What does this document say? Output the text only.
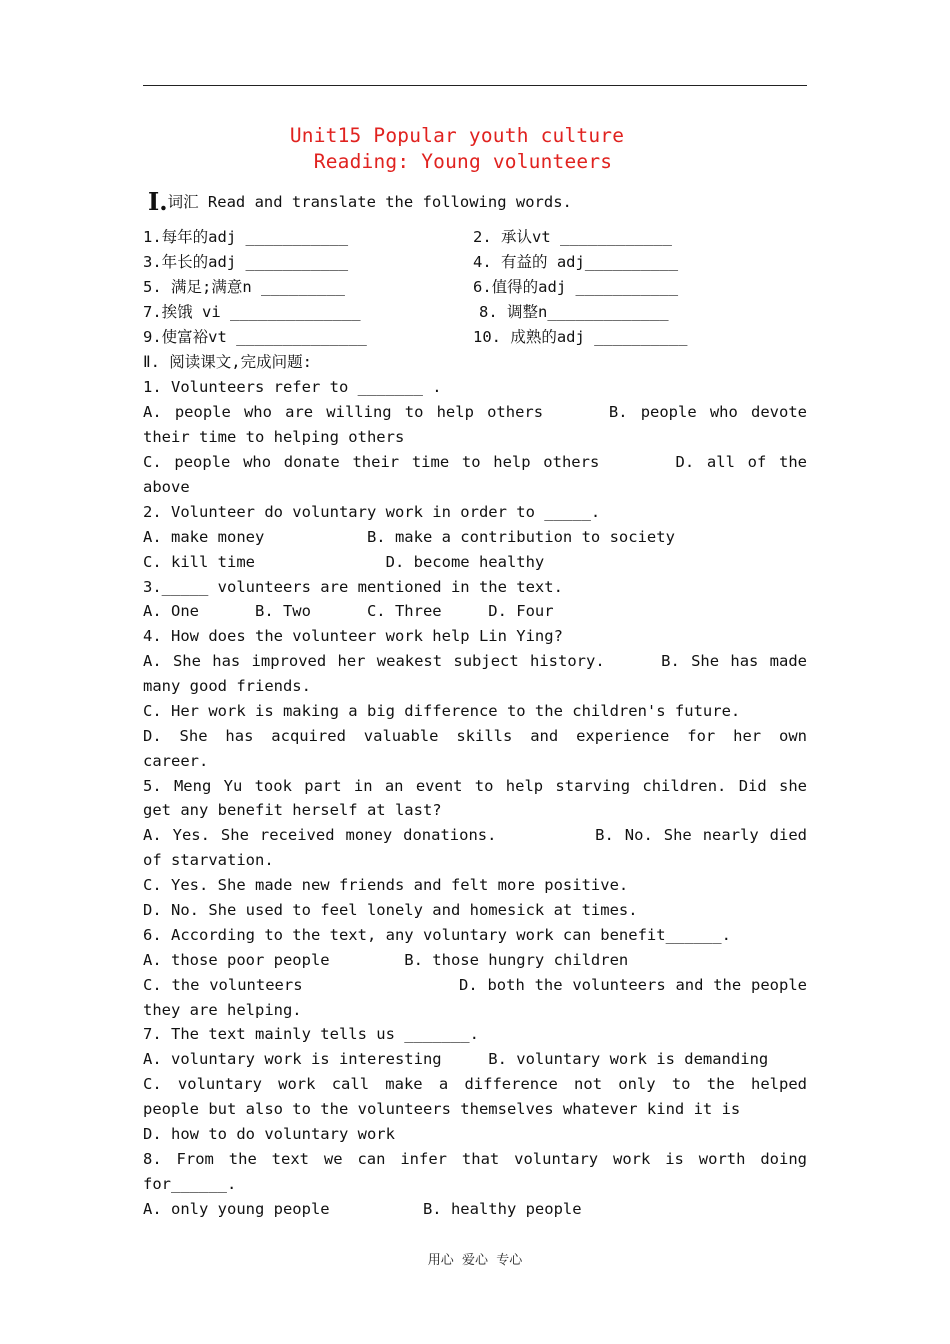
Unit15 Popular youth culture
Reading: Young volunteers
Ⅰ.词汇 Read and translate the following words.
1.每年的adj ___________	2. 承认vt ____________
3.年长的adj ___________	4. 有益的 adj__________
5. 满足;满意n _________	6.值得的adj ___________
7.挨饿 vi ______________	8. 调整n_____________
9.使富裕vt ______________	10. 成熟的adj __________
Ⅱ. 阅读课文,完成问题:
1. Volunteers refer to _______ .
A. people who are willing to help others     B. people who devote
their time to helping others
C. people who donate their time to help others      D. all of the
above
2. Volunteer do voluntary work in order to _____.
A. make money           B. make a contribution to society
C. kill time              D. become healthy
3._____ volunteers are mentioned in the text.
A. One      B. Two      C. Three     D. Four
4. How does the volunteer work help Lin Ying?
A. She has improved her weakest subject history.     B. She has made
many good friends.
C. Her work is making a big difference to the children's future.
D. She has acquired valuable skills and experience for her own
career.
5. Meng Yu took part in an event to help starving children. Did she
get any benefit herself at last?
A. Yes. She received money donations.         B. No. She nearly died
of starvation.
C. Yes. She made new friends and felt more positive.
D. No. She used to feel lonely and homesick at times.
6. According to the text, any voluntary work can benefit______.
A. those poor people        B. those hungry children
C. the volunteers                D. both the volunteers and the people
they are helping.
7. The text mainly tells us _______.
A. voluntary work is interesting     B. voluntary work is demanding
C. voluntary work call make a difference not only to the helped
people but also to the volunteers themselves whatever kind it is
D. how to do voluntary work
8. From the text we can infer that voluntary work is worth doing
for______.
A. only young people          B. healthy people
用心  爱心  专心
